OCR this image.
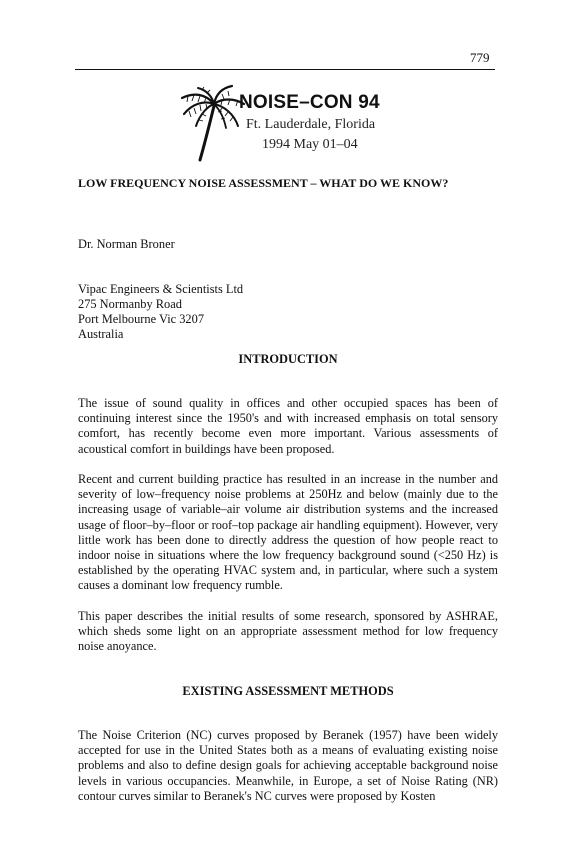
779
NOISE–CON 94
Ft. Lauderdale, Florida
1994 May 01–04
LOW FREQUENCY NOISE ASSESSMENT – WHAT DO WE KNOW?
Dr. Norman Broner
Vipac Engineers & Scientists Ltd
275 Normanby Road
Port Melbourne Vic 3207
Australia
INTRODUCTION

The issue of sound quality in offices and other occupied spaces has been of continuing interest since the 1950's and with increased emphasis on total sensory comfort, has recently become even more important. Various assessments of acoustical comfort in buildings have been proposed.

Recent and current building practice has resulted in an increase in the number and severity of low–frequency noise problems at 250Hz and below (mainly due to the increasing usage of variable–air volume air distribution systems and the increased usage of floor–by–floor or roof–top package air handling equipment). However, very little work has been done to directly address the question of how people react to indoor noise in situations where the low frequency background sound (<250 Hz) is established by the operating HVAC system and, in particular, where such a system causes a dominant low frequency rumble.

This paper describes the initial results of some research, sponsored by ASHRAE, which sheds some light on an appropriate assessment method for low frequency noise anoyance.

EXISTING ASSESSMENT METHODS

The Noise Criterion (NC) curves proposed by Beranek (1957) have been widely accepted for use in the United States both as a means of evaluating existing noise problems and also to define design goals for achieving acceptable background noise levels in various occupancies. Meanwhile, in Europe, a set of Noise Rating (NR) contour curves similar to Beranek's NC curves were proposed by Kosten
